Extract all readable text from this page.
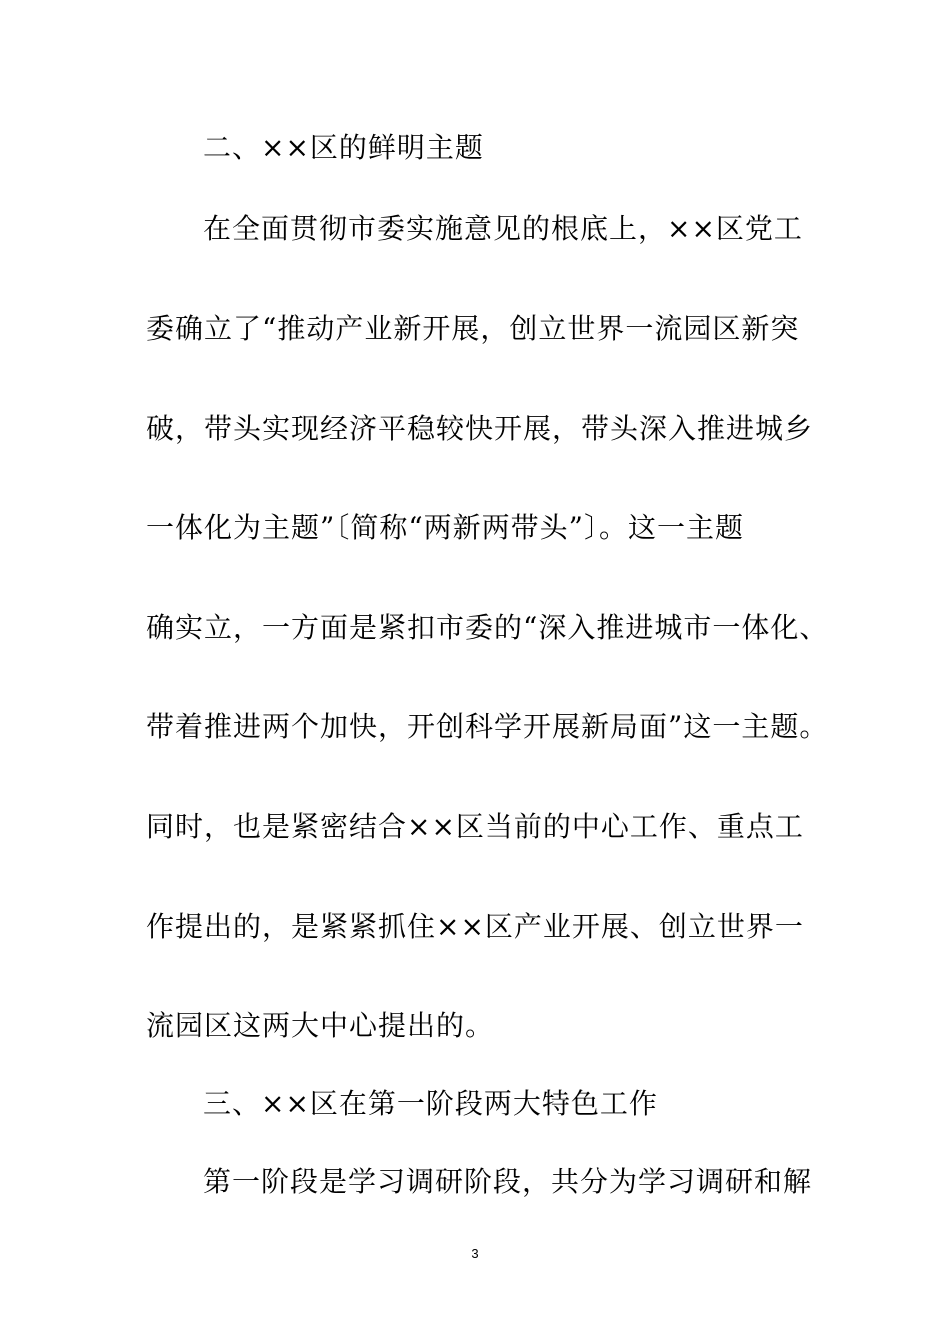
二、××区的鲜明主题
在全面贯彻市委实施意见的根底上，××区党工
委确立了“推动产业新开展，创立世界一流园区新突
破，带头实现经济平稳较快开展，带头深入推进城乡
一体化为主题”〔简称“两新两带头”〕。这一主题
确实立，一方面是紧扣市委的“深入推进城市一体化、
带着推进两个加快，开创科学开展新局面”这一主题。
同时，也是紧密结合××区当前的中心工作、重点工
作提出的，是紧紧抓住××区产业开展、创立世界一
流园区这两大中心提出的。
三、××区在第一阶段两大特色工作
第一阶段是学习调研阶段，共分为学习调研和解
3
